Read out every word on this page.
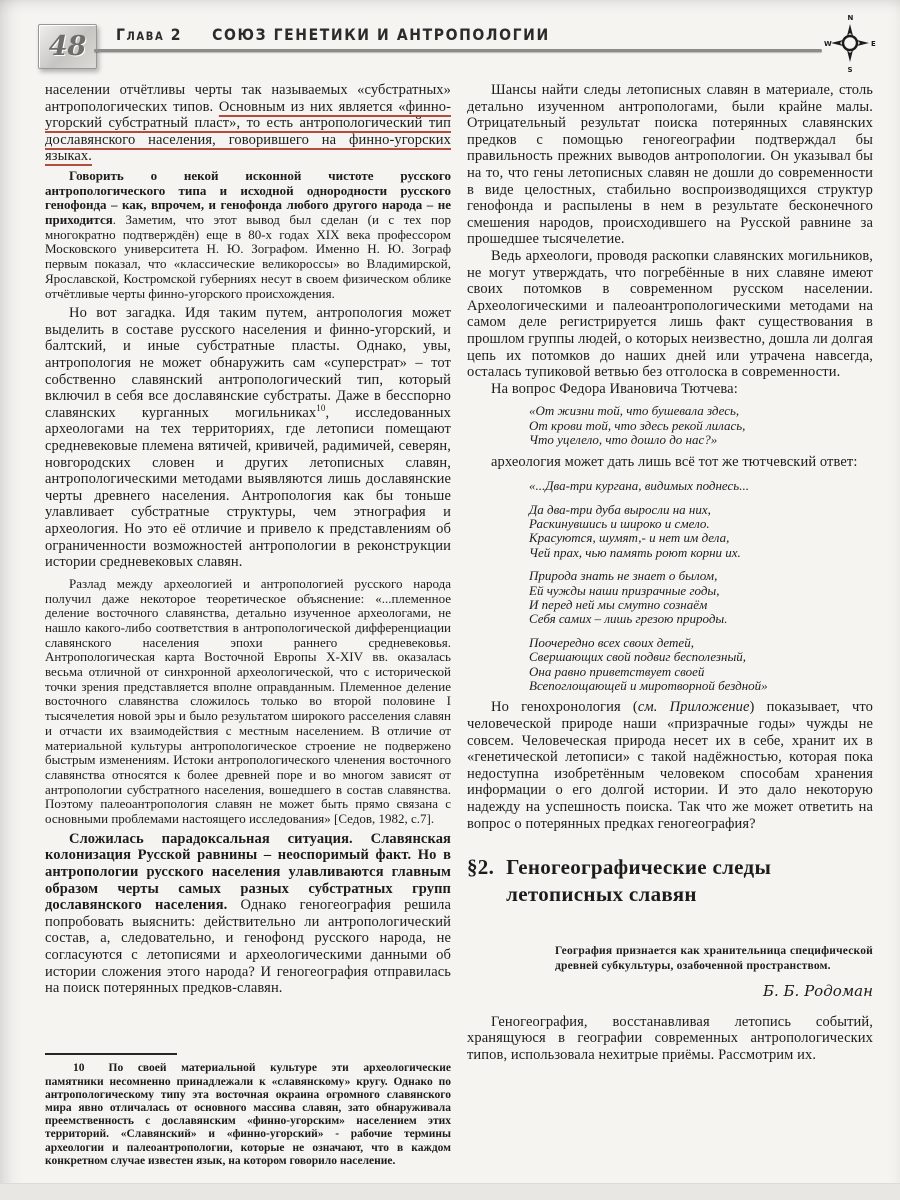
48 Глава 2 СОЮЗ ГЕНЕТИКИ И АНТРОПОЛОГИИ
N
W	E
S

населении отчётливы черты так называемых «субстратных» антропологических типов. Основным из них является «финно-угорский субстратный пласт», то есть антропологический тип дославянского населения, говорившего на финно-угорских языках.

Говорить о некой исконной чистоте русского антропологического типа и исходной однородности русского генофонда – как, впрочем, и генофонда любого другого народа – не приходится. Заметим, что этот вывод был сделан (и с тех пор многократно подтверждён) еще в 80-х годах XIX века профессором Московского университета Н. Ю. Зографом. Именно Н. Ю. Зограф первым показал, что «классические великороссы» во Владимирской, Ярославской, Костромской губерниях несут в своем физическом облике отчётливые черты финно-угорского происхождения.

Но вот загадка. Идя таким путем, антропология может выделить в составе русского населения и финно-угорский, и балтский, и иные субстратные пласты. Однако, увы, антропология не может обнаружить сам «суперстрат» – тот собственно славянский антропологический тип, который включил в себя все дославянские субстраты. Даже в бесспорно славянских курганных могильниках$^{10}$, исследованных археологами на тех территориях, где летописи помещают средневековые племена вятичей, кривичей, радимичей, северян, новгородских словен и других летописных славян, антропологическими методами выявляются лишь дославянские черты древнего населения. Антропология как бы тоньше улавливает субстратные структуры, чем этнография и археология. Но это её отличие и привело к представлениям об ограниченности возможностей антропологии в реконструкции истории средневековых славян.

Разлад между археологией и антропологией русского народа получил даже некоторое теоретическое объяснение: «...племенное деление восточного славянства, детально изученное археологами, не нашло какого-либо соответствия в антропологической дифференциации славянского населения эпохи раннего средневековья. Антропологическая карта Восточной Европы X-XIV вв. оказалась весьма отличной от синхронной археологической, что с исторической точки зрения представляется вполне оправданным. Племенное деление восточного славянства сложилось только во второй половине I тысячелетия новой эры и было результатом широкого расселения славян и отчасти их взаимодействия с местным населением. В отличие от материальной культуры антропологическое строение не подвержено быстрым изменениям. Истоки антропологического членения восточного славянства относятся к более древней поре и во многом зависят от антропологии субстратного населения, вошедшего в состав славянства. Поэтому палеоантропология славян не может быть прямо связана с основными проблемами настоящего исследования» [Седов, 1982, с.7].

Сложилась парадоксальная ситуация. Славянская колонизация Русской равнины – неоспоримый факт. Но в антропологии русского населения улавливаются главным образом черты самых разных субстратных групп дославянского населения. Однако геногеография решила попробовать выяснить: действительно ли антропологический состав, а, следовательно, и генофонд русского народа, не согласуются с летописями и археологическими данными об истории сложения этого народа? И геногеография отправилась на поиск потерянных предков-славян.

10 По своей материальной культуре эти археологические памятники несомненно принадлежали к «славянскому» кругу. Однако по антропологическому типу эта восточная окраина огромного славянского мира явно отличалась от основного массива славян, зато обнаруживала преемственность с дославянским «финно-угорским» населением этих территорий. «Славянский» и «финно-угорский» - рабочие термины археологии и палеоантропологии, которые не означают, что в каждом конкретном случае известен язык, на котором говорило население.

Шансы найти следы летописных славян в материале, столь детально изученном антропологами, были крайне малы. Отрицательный результат поиска потерянных славянских предков с помощью геногеографии подтверждал бы правильность прежних выводов антропологии. Он указывал бы на то, что гены летописных славян не дошли до современности в виде целостных, стабильно воспроизводящихся структур генофонда и распылены в нем в результате бесконечного смешения народов, происходившего на Русской равнине за прошедшее тысячелетие.

Ведь археологи, проводя раскопки славянских могильников, не могут утверждать, что погребённые в них славяне имеют своих потомков в современном русском населении. Археологическими и палеоантропологическими методами на самом деле регистрируется лишь факт существования в прошлом группы людей, о которых неизвестно, дошла ли долгая цепь их потомков до наших дней или утрачена навсегда, осталась тупиковой ветвью без отголоска в современности.

На вопрос Федора Ивановича Тютчева:

«От жизни той, что бушевала здесь,
От крови той, что здесь рекой лилась,
Что уцелело, что дошло до нас?»

археология может дать лишь всё тот же тютчевский ответ:

«...Два-три кургана, видимых поднесь...
Да два-три дуба выросли на них,
Раскинувшись и широко и смело.
Красуются, шумят,- и нет им дела,
Чей прах, чью память роют корни их.
Природа знать не знает о былом,
Ей чужды наши призрачные годы,
И перед ней мы смутно сознаём
Себя самих – лишь грезою природы.
Поочередно всех своих детей,
Свершающих свой подвиг бесполезный,
Она равно приветствует своей
Всепоглощающей и миротворной бездной»

Но генохронология (см. Приложение) показывает, что человеческой природе наши «призрачные годы» чужды не совсем. Человеческая природа несет их в себе, хранит их в «генетической летописи» с такой надёжностью, которая пока недоступна изобретённым человеком способам хранения информации о его долгой истории. И это дало некоторую надежду на успешность поиска. Так что же может ответить на вопрос о потерянных предках геногеография?

§2. Геногеографические следы
летописных славян

География признается как хранительница специфической древней субкультуры, озабоченной пространством.

Б. Б. Родоман

Геногеография, восстанавливая летопись событий, хранящуюся в географии современных антропологических типов, использовала нехитрые приёмы. Рассмотрим их.
